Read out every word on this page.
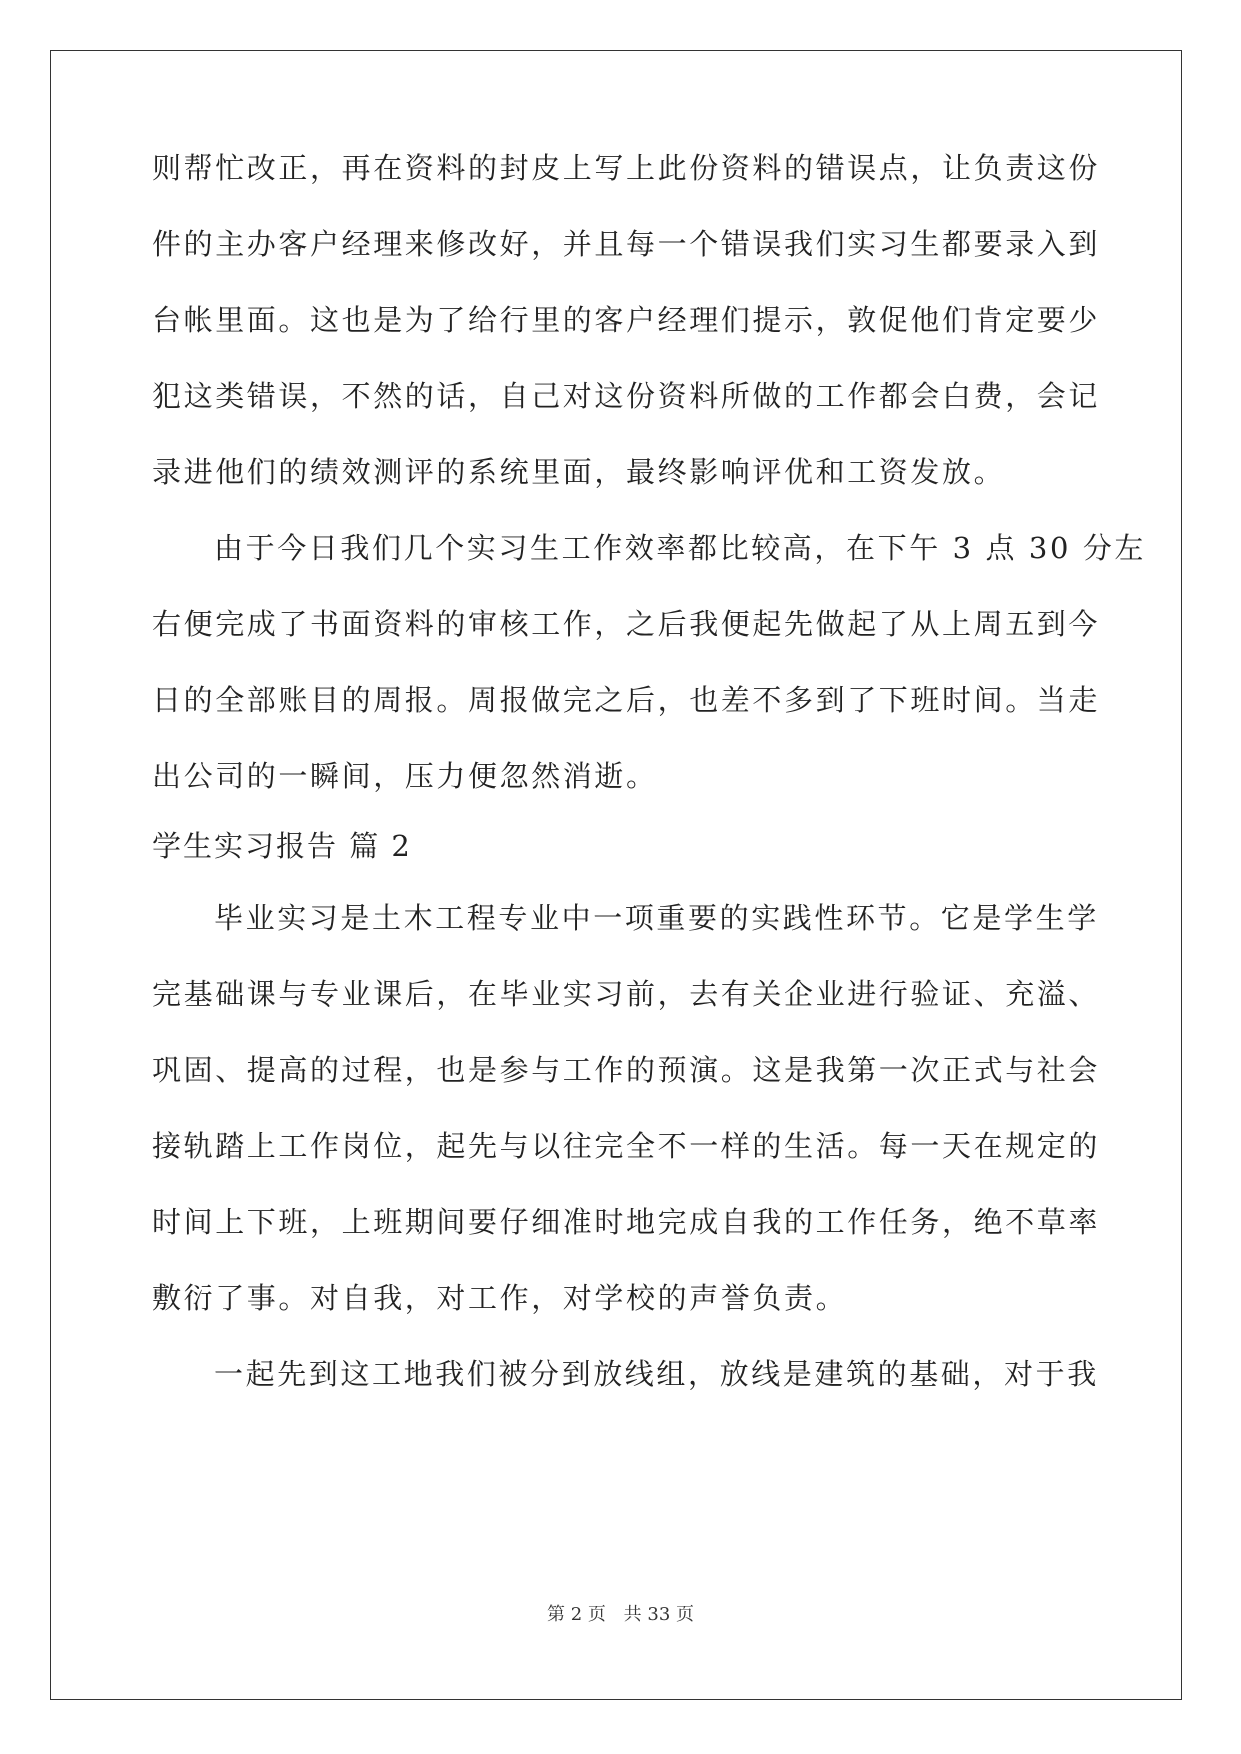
则帮忙改正，再在资料的封皮上写上此份资料的错误点，让负责这份
件的主办客户经理来修改好，并且每一个错误我们实习生都要录入到
台帐里面。这也是为了给行里的客户经理们提示，敦促他们肯定要少
犯这类错误，不然的话，自己对这份资料所做的工作都会白费，会记
录进他们的绩效测评的系统里面，最终影响评优和工资发放。
由于今日我们几个实习生工作效率都比较高，在下午 3 点 30 分左
右便完成了书面资料的审核工作，之后我便起先做起了从上周五到今
日的全部账目的周报。周报做完之后，也差不多到了下班时间。当走
出公司的一瞬间，压力便忽然消逝。
学生实习报告 篇 2
毕业实习是土木工程专业中一项重要的实践性环节。它是学生学
完基础课与专业课后，在毕业实习前，去有关企业进行验证、充溢、
巩固、提高的过程，也是参与工作的预演。这是我第一次正式与社会
接轨踏上工作岗位，起先与以往完全不一样的生活。每一天在规定的
时间上下班，上班期间要仔细准时地完成自我的工作任务，绝不草率
敷衍了事。对自我，对工作，对学校的声誉负责。
一起先到这工地我们被分到放线组，放线是建筑的基础，对于我
第 2 页 共 33 页
